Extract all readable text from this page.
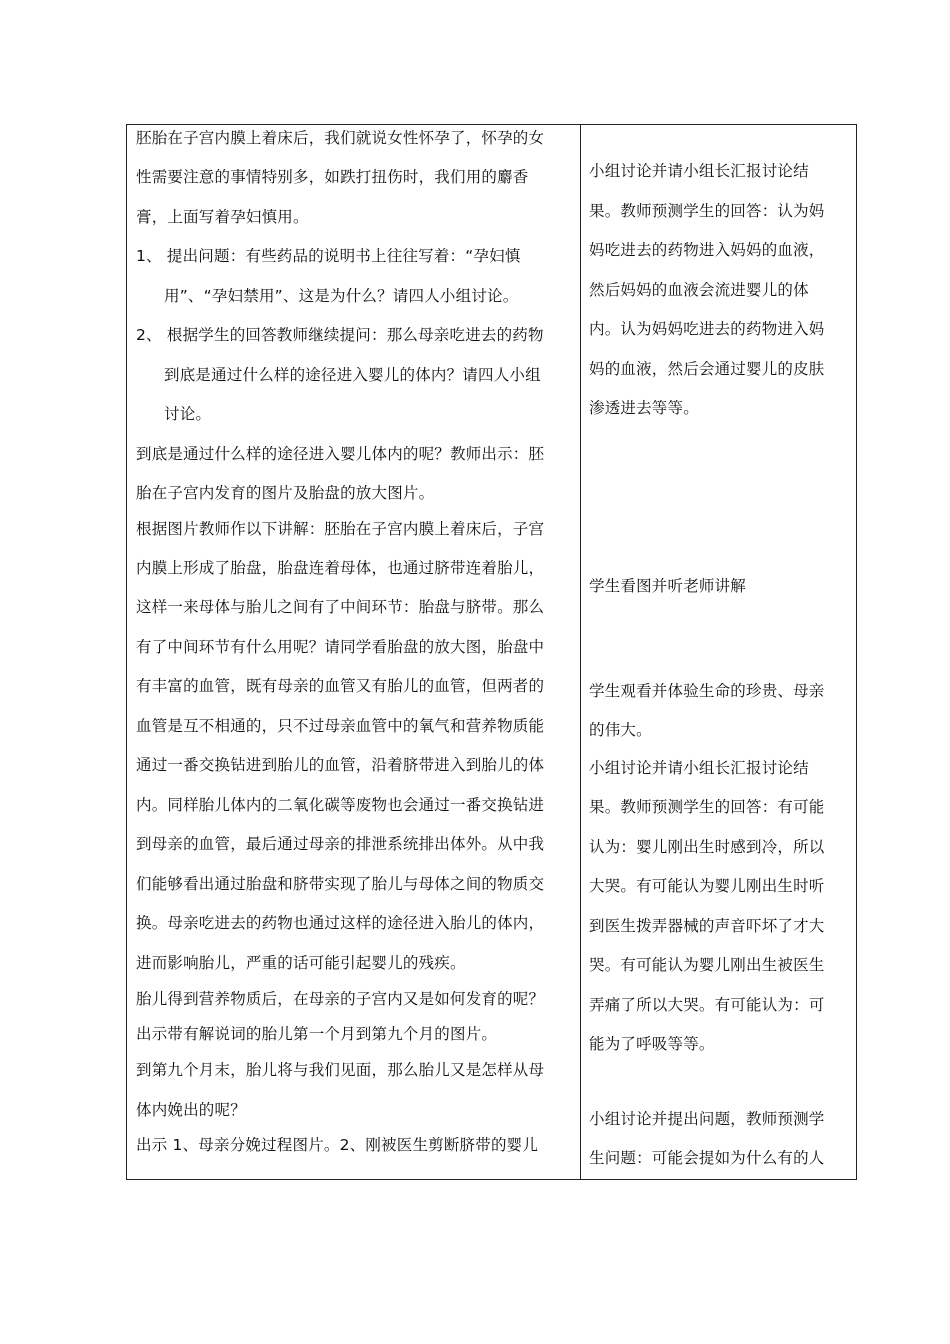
胚胎在子宫内膜上着床后，我们就说女性怀孕了，怀孕的女
性需要注意的事情特别多，如跌打扭伤时，我们用的麝香
膏，上面写着孕妇慎用。
1、 提出问题：有些药品的说明书上往往写着：“孕妇慎
用”、“孕妇禁用”、这是为什么？请四人小组讨论。
2、 根据学生的回答教师继续提问：那么母亲吃进去的药物
到底是通过什么样的途径进入婴儿的体内？请四人小组
讨论。
到底是通过什么样的途径进入婴儿体内的呢？教师出示：胚
胎在子宫内发育的图片及胎盘的放大图片。
根据图片教师作以下讲解：胚胎在子宫内膜上着床后，子宫
内膜上形成了胎盘，胎盘连着母体，也通过脐带连着胎儿，
这样一来母体与胎儿之间有了中间环节：胎盘与脐带。那么
有了中间环节有什么用呢？请同学看胎盘的放大图，胎盘中
有丰富的血管，既有母亲的血管又有胎儿的血管，但两者的
血管是互不相通的，只不过母亲血管中的氧气和营养物质能
通过一番交换钻进到胎儿的血管，沿着脐带进入到胎儿的体
内。同样胎儿体内的二氧化碳等废物也会通过一番交换钻进
到母亲的血管，最后通过母亲的排泄系统排出体外。从中我
们能够看出通过胎盘和脐带实现了胎儿与母体之间的物质交
换。母亲吃进去的药物也通过这样的途径进入胎儿的体内，
进而影响胎儿，严重的话可能引起婴儿的残疾。
胎儿得到营养物质后，在母亲的子宫内又是如何发育的呢？
出示带有解说词的胎儿第一个月到第九个月的图片。
到第九个月末，胎儿将与我们见面，那么胎儿又是怎样从母
体内娩出的呢？
出示 1、母亲分娩过程图片。2、刚被医生剪断脐带的婴儿
小组讨论并请小组长汇报讨论结
果。教师预测学生的回答：认为妈
妈吃进去的药物进入妈妈的血液，
然后妈妈的血液会流进婴儿的体
内。认为妈妈吃进去的药物进入妈
妈的血液，然后会通过婴儿的皮肤
渗透进去等等。
学生看图并听老师讲解
学生观看并体验生命的珍贵、母亲
的伟大。
小组讨论并请小组长汇报讨论结
果。教师预测学生的回答：有可能
认为：婴儿刚出生时感到冷，所以
大哭。有可能认为婴儿刚出生时听
到医生拨弄器械的声音吓坏了才大
哭。有可能认为婴儿刚出生被医生
弄痛了所以大哭。有可能认为：可
能为了呼吸等等。
小组讨论并提出问题，教师预测学
生问题：可能会提如为什么有的人
